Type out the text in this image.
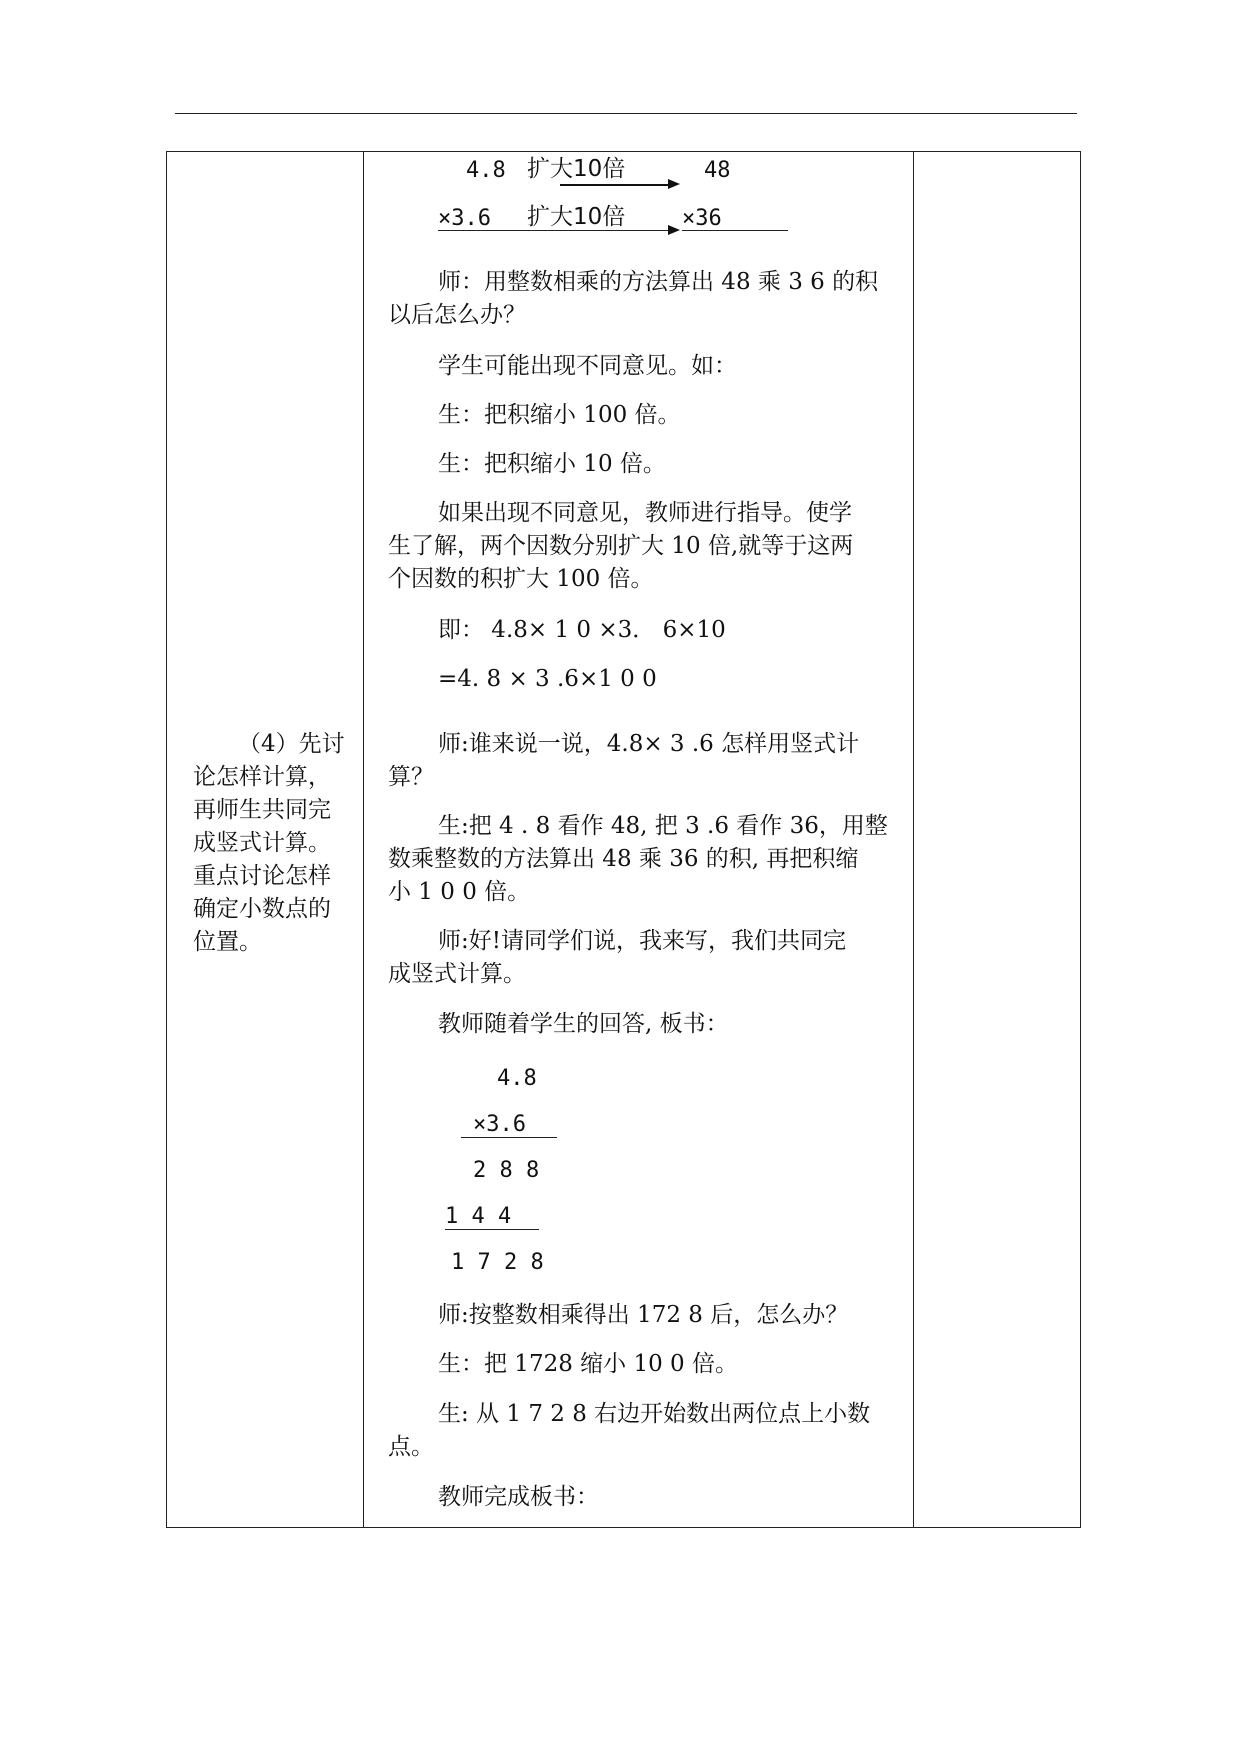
4.8 扩大10倍	48
×3.6 扩大10倍	×36
（4）先讨
论怎样计算，
再师生共同完
成竖式计算。
重点讨论怎样
确定小数点的
位置。
师：用整数相乘的方法算出 48 乘 3 6 的积
以后怎么办？
学生可能出现不同意见。如：
生：把积缩小 100 倍。
生：把积缩小 10 倍。
如果出现不同意见，教师进行指导。使学
生了解，两个因数分别扩大 10 倍,就等于这两
个因数的积扩大 100 倍。
即： 4.8× 1 0 ×3． 6×10
=4. 8 × 3 .6×1 0 0
师:谁来说一说，4.8× 3 .6 怎样用竖式计
算？
生:把 4 . 8 看作 48, 把 3 .6 看作 36，用整
数乘整数的方法算出 48 乘 36 的积, 再把积缩
小 1 0 0 倍。
师:好!请同学们说，我来写，我们共同完
成竖式计算。
教师随着学生的回答, 板书：
4.8
×3.6
2 8 8
1 4 4
1 7 2 8
师:按整数相乘得出 172 8 后，怎么办？
生：把 1728 缩小 10 0 倍。
生: 从 1 7 2 8 右边开始数出两位点上小数
点。
教师完成板书：
